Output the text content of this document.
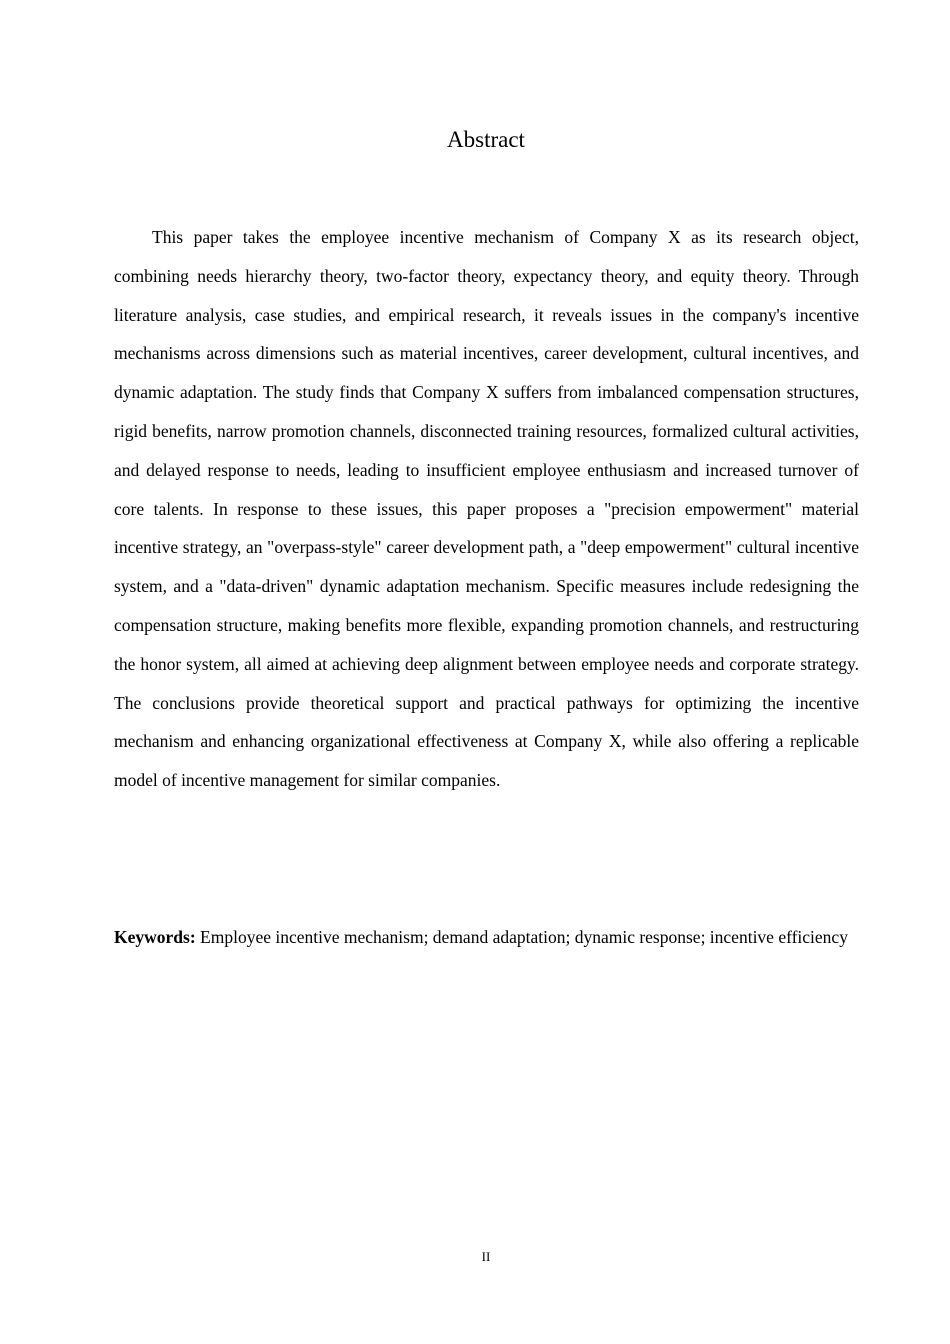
Abstract

This paper takes the employee incentive mechanism of Company X as its research object, combining needs hierarchy theory, two-factor theory, expectancy theory, and equity theory. Through literature analysis, case studies, and empirical research, it reveals issues in the company's incentive mechanisms across dimensions such as material incentives, career development, cultural incentives, and dynamic adaptation. The study finds that Company X suffers from imbalanced compensation structures, rigid benefits, narrow promotion channels, disconnected training resources, formalized cultural activities, and delayed response to needs, leading to insufficient employee enthusiasm and increased turnover of core talents. In response to these issues, this paper proposes a "precision empowerment" material incentive strategy, an "overpass-style" career development path, a "deep empowerment" cultural incentive system, and a "data-driven" dynamic adaptation mechanism. Specific measures include redesigning the compensation structure, making benefits more flexible, expanding promotion channels, and restructuring the honor system, all aimed at achieving deep alignment between employee needs and corporate strategy. The conclusions provide theoretical support and practical pathways for optimizing the incentive mechanism and enhancing organizational effectiveness at Company X, while also offering a replicable model of incentive management for similar companies.

Keywords: Employee incentive mechanism; demand adaptation; dynamic response; incentive efficiency

II
